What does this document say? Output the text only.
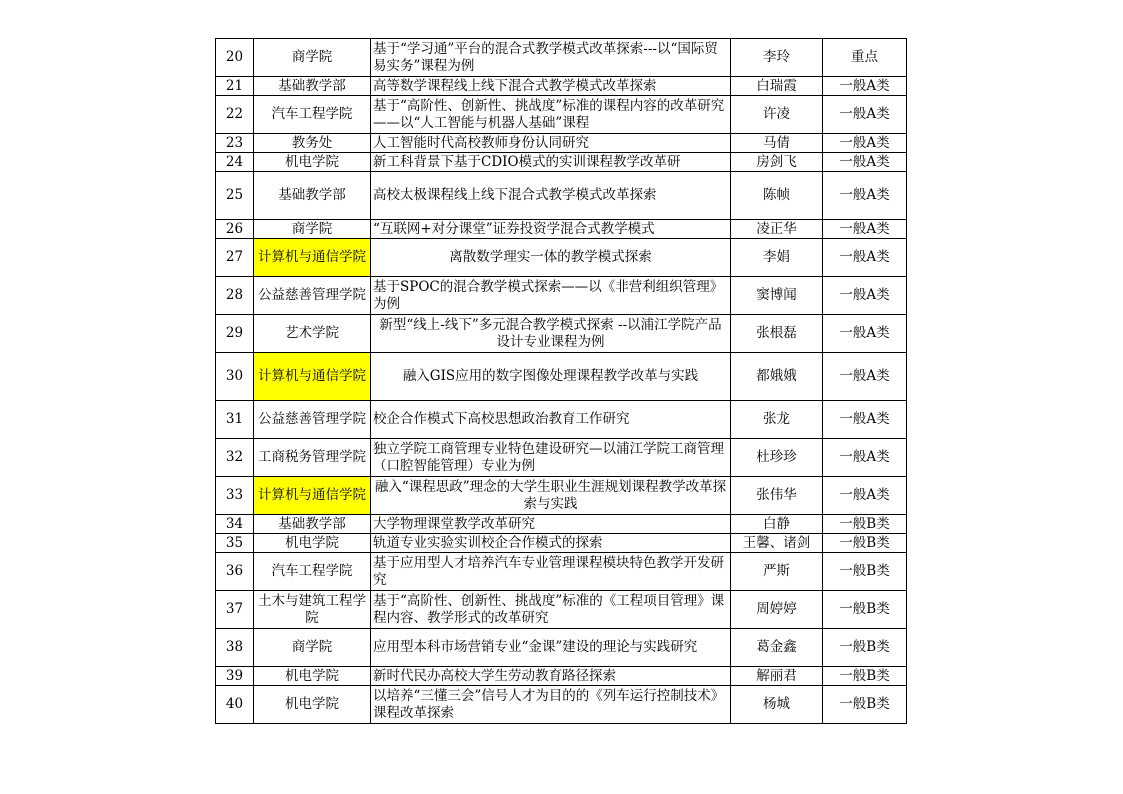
20	商学院	基于“学习通”平台的混合式教学模式改革探索---以“国际贸易实务”课程为例	李玲	重点
21	基础教学部	高等数学课程线上线下混合式教学模式改革探索	白瑞霞	一般A类
22	汽车工程学院	基于“高阶性、创新性、挑战度”标准的课程内容的改革研究——以“人工智能与机器人基础”课程	许凌	一般A类
23	教务处	人工智能时代高校教师身份认同研究	马倩	一般A类
24	机电学院	新工科背景下基于CDIO模式的实训课程教学改革研	房剑飞	一般A类
25	基础教学部	高校太极课程线上线下混合式教学模式改革探索	陈帧	一般A类
26	商学院	“互联网+对分课堂”证券投资学混合式教学模式	凌正华	一般A类
27	计算机与通信学院	离散数学理实一体的教学模式探索	李娟	一般A类
28	公益慈善管理学院	基于SPOC的混合教学模式探索——以《非营利组织管理》为例	窦博闻	一般A类
29	艺术学院	新型“线上-线下”多元混合教学模式探索 --以浦江学院产品设计专业课程为例	张根磊	一般A类
30	计算机与通信学院	融入GIS应用的数字图像处理课程教学改革与实践	都娥娥	一般A类
31	公益慈善管理学院	校企合作模式下高校思想政治教育工作研究	张龙	一般A类
32	工商税务管理学院	独立学院工商管理专业特色建设研究—以浦江学院工商管理（口腔智能管理）专业为例	杜珍珍	一般A类
33	计算机与通信学院	融入“课程思政”理念的大学生职业生涯规划课程教学改革探索与实践	张伟华	一般A类
34	基础教学部	大学物理课堂教学改革研究	白静	一般B类
35	机电学院	轨道专业实验实训校企合作模式的探索	王馨、诸剑	一般B类
36	汽车工程学院	基于应用型人才培养汽车专业管理课程模块特色教学开发研究	严斯	一般B类
37	土木与建筑工程学院	基于“高阶性、创新性、挑战度”标准的《工程项目管理》课程内容、教学形式的改革研究	周婷婷	一般B类
38	商学院	应用型本科市场营销专业“金课”建设的理论与实践研究	葛金鑫	一般B类
39	机电学院	新时代民办高校大学生劳动教育路径探索	解丽君	一般B类
40	机电学院	以培养“三懂三会”信号人才为目的的《列车运行控制技术》课程改革探索	杨城	一般B类
